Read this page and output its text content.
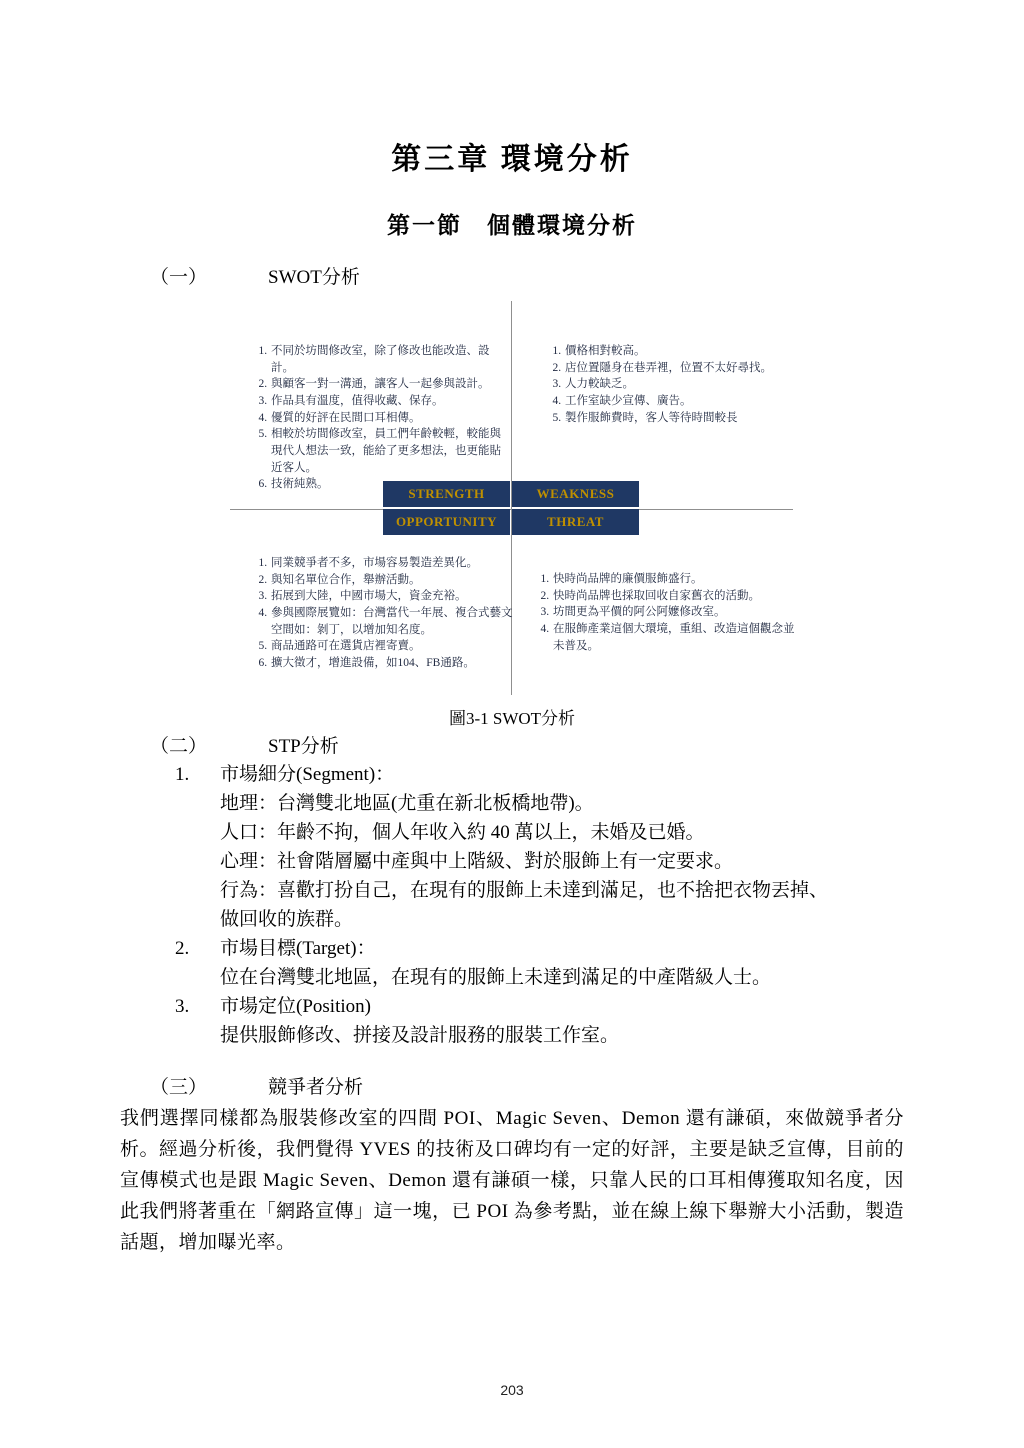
第三章 環境分析
第一節　個體環境分析
（一）	SWOT分析
1. 不同於坊間修改室，除了修改也能改造、設計。
2. 與顧客一對一溝通，讓客人一起參與設計。
3. 作品具有溫度，值得收藏、保存。
4. 優質的好評在民間口耳相傳。
5. 相較於坊間修改室，員工們年齡較輕，較能與現代人想法一致，能給了更多想法，也更能貼近客人。
6. 技術純熟。
1. 價格相對較高。
2. 店位置隱身在巷弄裡，位置不太好尋找。
3. 人力較缺乏。
4. 工作室缺少宣傳、廣告。
5. 製作服飾費時，客人等待時間較長
STRENGTH	WEAKNESS
OPPORTUNITY	THREAT
1. 同業競爭者不多，市場容易製造差異化。
2. 與知名單位合作，舉辦活動。
3. 拓展到大陸，中國市場大，資金充裕。
4. 參與國際展覽如：台灣當代一年展、複合式藝文空間如：剝丁，以增加知名度。
5. 商品通路可在選貨店裡寄賣。
6. 擴大徵才，增進設備，如104、FB通路。
1. 快時尚品牌的廉價服飾盛行。
2. 快時尚品牌也採取回收自家舊衣的活動。
3. 坊間更為平價的阿公阿嬤修改室。
4. 在服飾產業這個大環境，重組、改造這個觀念並未普及。
圖3-1 SWOT分析
（二）	STP分析
1.	市場細分(Segment)：
地理：台灣雙北地區(尤重在新北板橋地帶)。
人口：年齡不拘，個人年收入約 40 萬以上，未婚及已婚。
心理：社會階層屬中產與中上階級、對於服飾上有一定要求。
行為：喜歡打扮自己，在現有的服飾上未達到滿足，也不捨把衣物丟掉、
做回收的族群。
2.	市場目標(Target)：
位在台灣雙北地區，在現有的服飾上未達到滿足的中產階級人士。
3.	市場定位(Position)
提供服飾修改、拼接及設計服務的服裝工作室。
（三）	競爭者分析

我們選擇同樣都為服裝修改室的四間 POI、Magic Seven、Demon 還有謙碩，來做競爭者分析。經過分析後，我們覺得 YVES 的技術及口碑均有一定的好評，主要是缺乏宣傳，目前的宣傳模式也是跟 Magic Seven、Demon 還有謙碩一樣，只靠人民的口耳相傳獲取知名度，因此我們將著重在「網路宣傳」這一塊，已 POI 為參考點，並在線上線下舉辦大小活動，製造話題，增加曝光率。

203
